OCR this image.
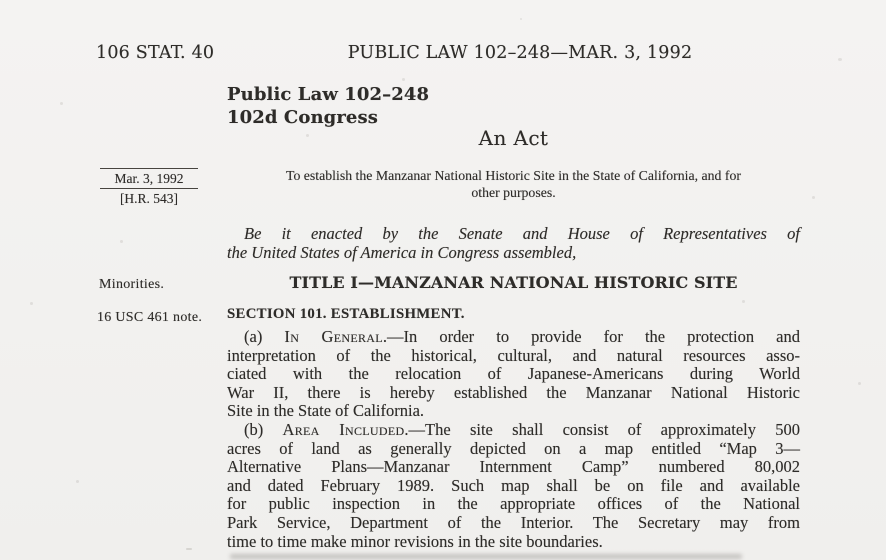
106 STAT. 40	PUBLIC LAW 102–248—MAR. 3, 1992
Public Law 102–248
102d Congress
An Act
To establish the Manzanar National Historic Site in the State of California, and for
other purposes.
Mar. 3, 1992
[H.R. 543]
Be it enacted by the Senate and House of Representatives of
the United States of America in Congress assembled,
Minorities.
16 USC 461 note.
TITLE I—MANZANAR NATIONAL HISTORIC SITE
SECTION 101. ESTABLISHMENT.
(a) In General.—In order to provide for the protection and
interpretation of the historical, cultural, and natural resources asso-
ciated with the relocation of Japanese-Americans during World
War II, there is hereby established the Manzanar National Historic
Site in the State of California.
(b) Area Included.—The site shall consist of approximately 500
acres of land as generally depicted on a map entitled “Map 3—
Alternative Plans—Manzanar Internment Camp” numbered 80,002
and dated February 1989. Such map shall be on file and available
for public inspection in the appropriate offices of the National
Park Service, Department of the Interior. The Secretary may from
time to time make minor revisions in the site boundaries.
